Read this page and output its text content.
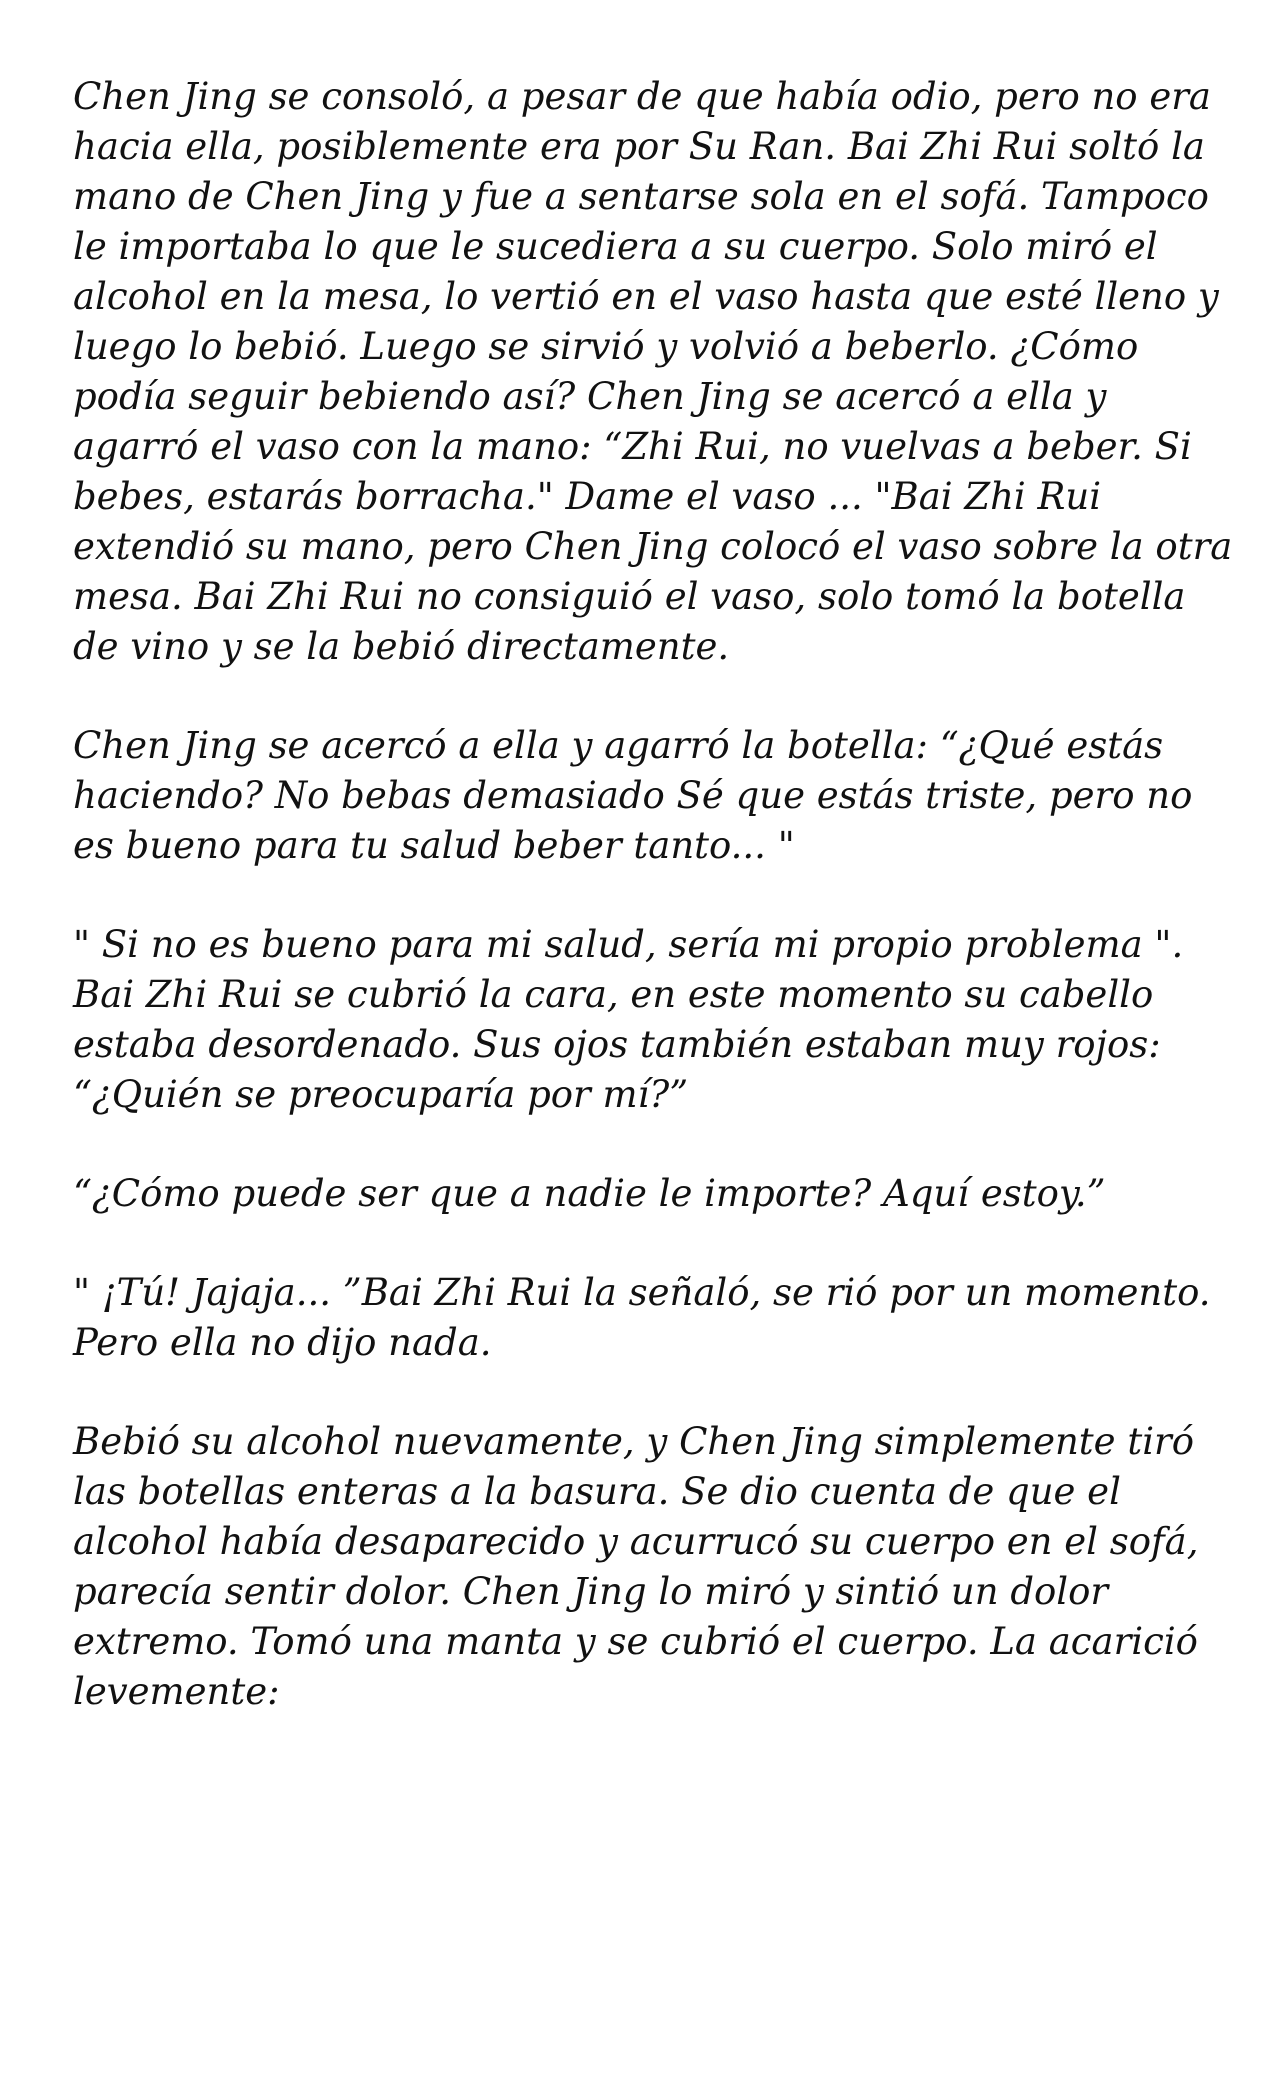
Chen Jing se consoló, a pesar de que había odio, pero no era hacia ella, posiblemente era por Su Ran. Bai Zhi Rui soltó la mano de Chen Jing y fue a sentarse sola en el sofá. Tampoco le importaba lo que le sucediera a su cuerpo. Solo miró el alcohol en la mesa, lo vertió en el vaso hasta que esté lleno y luego lo bebió. Luego se sirvió y volvió a beberlo. ¿Cómo podía seguir bebiendo así? Chen Jing se acercó a ella y agarró el vaso con la mano: “Zhi Rui, no vuelvas a beber. Si bebes, estarás borracha." Dame el vaso ... "Bai Zhi Rui extendió su mano, pero Chen Jing colocó el vaso sobre la otra mesa. Bai Zhi Rui no consiguió el vaso, solo tomó la botella de vino y se la bebió directamente.

Chen Jing se acercó a ella y agarró la botella: “¿Qué estás haciendo? No bebas demasiado Sé que estás triste, pero no es bueno para tu salud beber tanto... "

" Si no es bueno para mi salud, sería mi propio problema ". Bai Zhi Rui se cubrió la cara, en este momento su cabello estaba desordenado. Sus ojos también estaban muy rojos: “¿Quién se preocuparía por mí?”

“¿Cómo puede ser que a nadie le importe? Aquí estoy.”

" ¡Tú! Jajaja... ”Bai Zhi Rui la señaló, se rió por un momento. Pero ella no dijo nada.

Bebió su alcohol nuevamente, y Chen Jing simplemente tiró las botellas enteras a la basura. Se dio cuenta de que el alcohol había desaparecido y acurrucó su cuerpo en el sofá, parecía sentir dolor. Chen Jing lo miró y sintió un dolor extremo. Tomó una manta y se cubrió el cuerpo. La acarició levemente:
